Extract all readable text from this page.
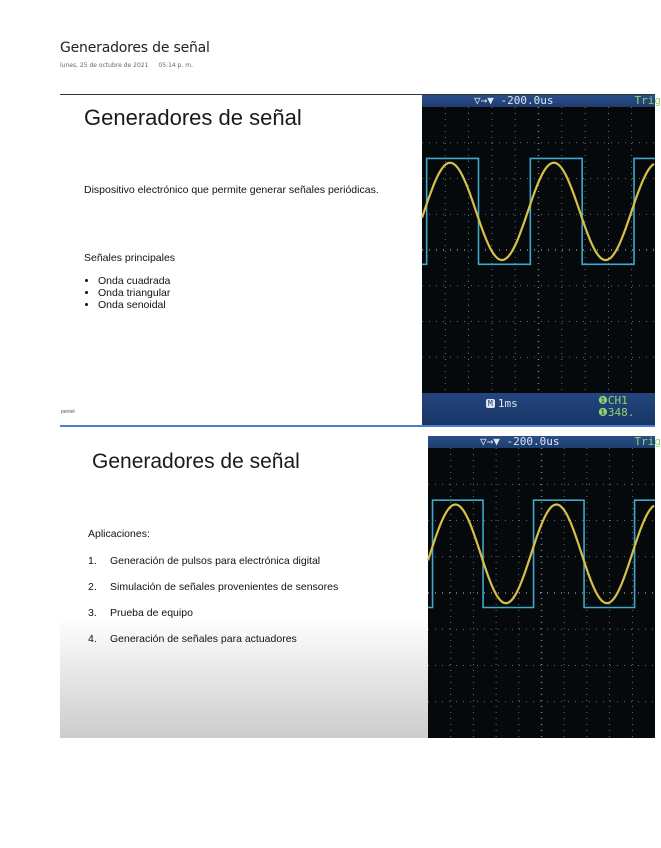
Generadores de señal
lunes, 25 de octubre de 2021 05:14 p. m.
Generadores de señal
Dispositivo electrónico que permite generar señales periódicas.
Señales principales
• Onda cuadrada
• Onda triangular
• Onda senoidal
pentel
▽→▼ -200.0us	Trig
M 1ms	❶CH1
❶348.
Generadores de señal
Aplicaciones:
1. Generación de pulsos para electrónica digital
2. Simulación de señales provenientes de sensores
3. Prueba de equipo
4. Generación de señales para actuadores
▽→▼ -200.0us	Trig
